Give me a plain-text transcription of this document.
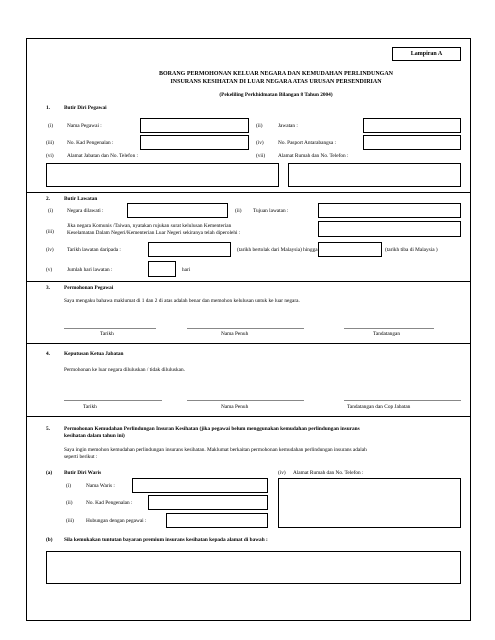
Lampiran A
BORANG PERMOHONAN KELUAR NEGARA DAN KEMUDAHAN PERLINDUNGAN
INSURANS KESIHATAN DI LUAR NEGARA ATAS URUSAN PERSENDIRIAN
(Pekeliling Perkhidmatan Bilangan 8 Tahun 2004)
1.	Butir Diri Pegawai
(i)	Nama Pegawai :	(ii)	Jawatan :
(iii) No. Kad Pengenalan :	(iv)	No. Pasport Antarabangsa :
(vi)	Alamat Jabatan dan No. Telefon :	(vii) Alamat Rumah dan No. Telefon :
2.	Butir Lawatan
(i)	Negara dilawati :	(ii) Tujuan lawatan :
(iii)
Jika negara Komunis /Taiwan, nyatakan rujukan surat kelulusan Kementerian
Keselamatan Dalam Negeri/Kementerian Luar Negeri sekiranya telah diperolehi :
(iv)	Tarikh lawatan daripada :	(tarikh bertolak dari Malaysia) hingga	(tarikh tiba di Malaysia )
(v)	Jumlah hari lawatan :	hari
3.	Permohonan Pegawai
Saya mengaku bahawa maklumat di 1 dan 2 di atas adalah benar dan memohon kelulusan untuk ke luar negara.
Tarikh	Nama Penuh	Tandatangan
4.	Keputusan Ketua Jabatan
Permohonan ke luar negara diluluskan / tidak diluluskan.
Tarikh	Nama Penuh	Tandatangan dan Cop Jabatan
5.	Permohonan Kemudahan Perlindungan Insuran Kesihatan (jika pegawai belum menggunakan kemudahan perlindungan insurans
kesihatan dalam tahun ini)
Saya ingin memohon kemudahan perlindungan insurans kesihatan. Maklumat berkaitan permohonan kemudahan perlindungan insurans adalah
seperti berikut :
(a) Butir Diri Waris	(iv) Alamat Rumah dan No. Telefon :
(i)	Nama Waris :
(ii)	No. Kad Pengenalan :
(iii) Hubungan dengan pegawai :
(b) Sila kemukakan tuntutan bayaran premium insurans kesihatan kepada alamat di bawah :
